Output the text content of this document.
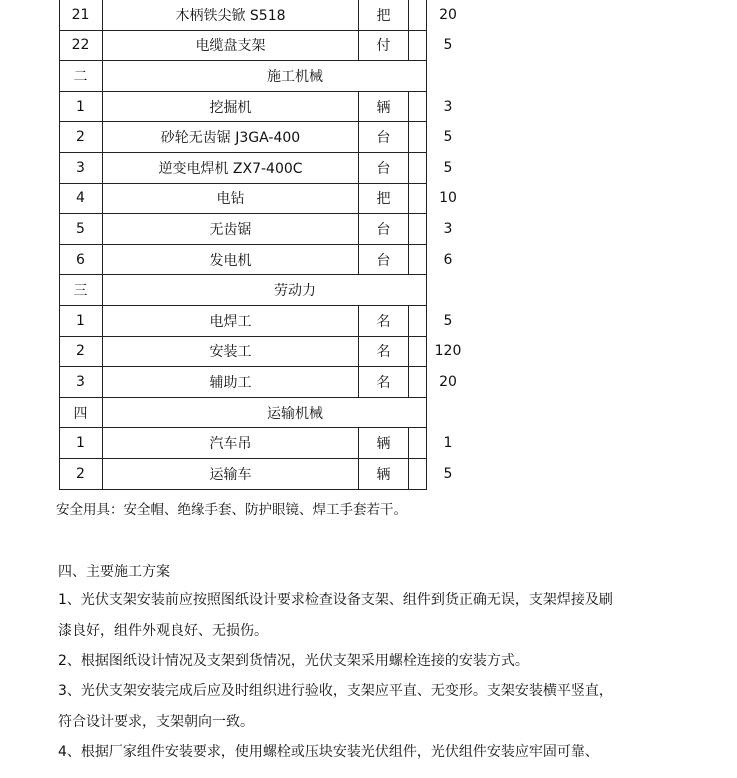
21	木柄铁尖锨 S518	把	20
22	电缆盘支架	付	5
二	施工机械
1	挖掘机	辆	3
2	砂轮无齿锯 J3GA-400	台	5
3	逆变电焊机 ZX7-400C	台	5
4	电钻	把	10
5	无齿锯	台	3
6	发电机	台	6
三	劳动力
1	电焊工	名	5
2	安装工	名	120
3	辅助工	名	20
四	运输机械
1	汽车吊	辆	1
2	运输车	辆	5
安全用具：安全帽、绝缘手套、防护眼镜、焊工手套若干。
四、主要施工方案
1、光伏支架安装前应按照图纸设计要求检查设备支架、组件到货正确无误，支架焊接及刷漆良好，组件外观良好、无损伤。
2、根据图纸设计情况及支架到货情况，光伏支架采用螺栓连接的安装方式。
3、光伏支架安装完成后应及时组织进行验收，支架应平直、无变形。支架安装横平竖直，符合设计要求，支架朝向一致。
4、根据厂家组件安装要求，使用螺栓或压块安装光伏组件，光伏组件安装应牢固可靠、
